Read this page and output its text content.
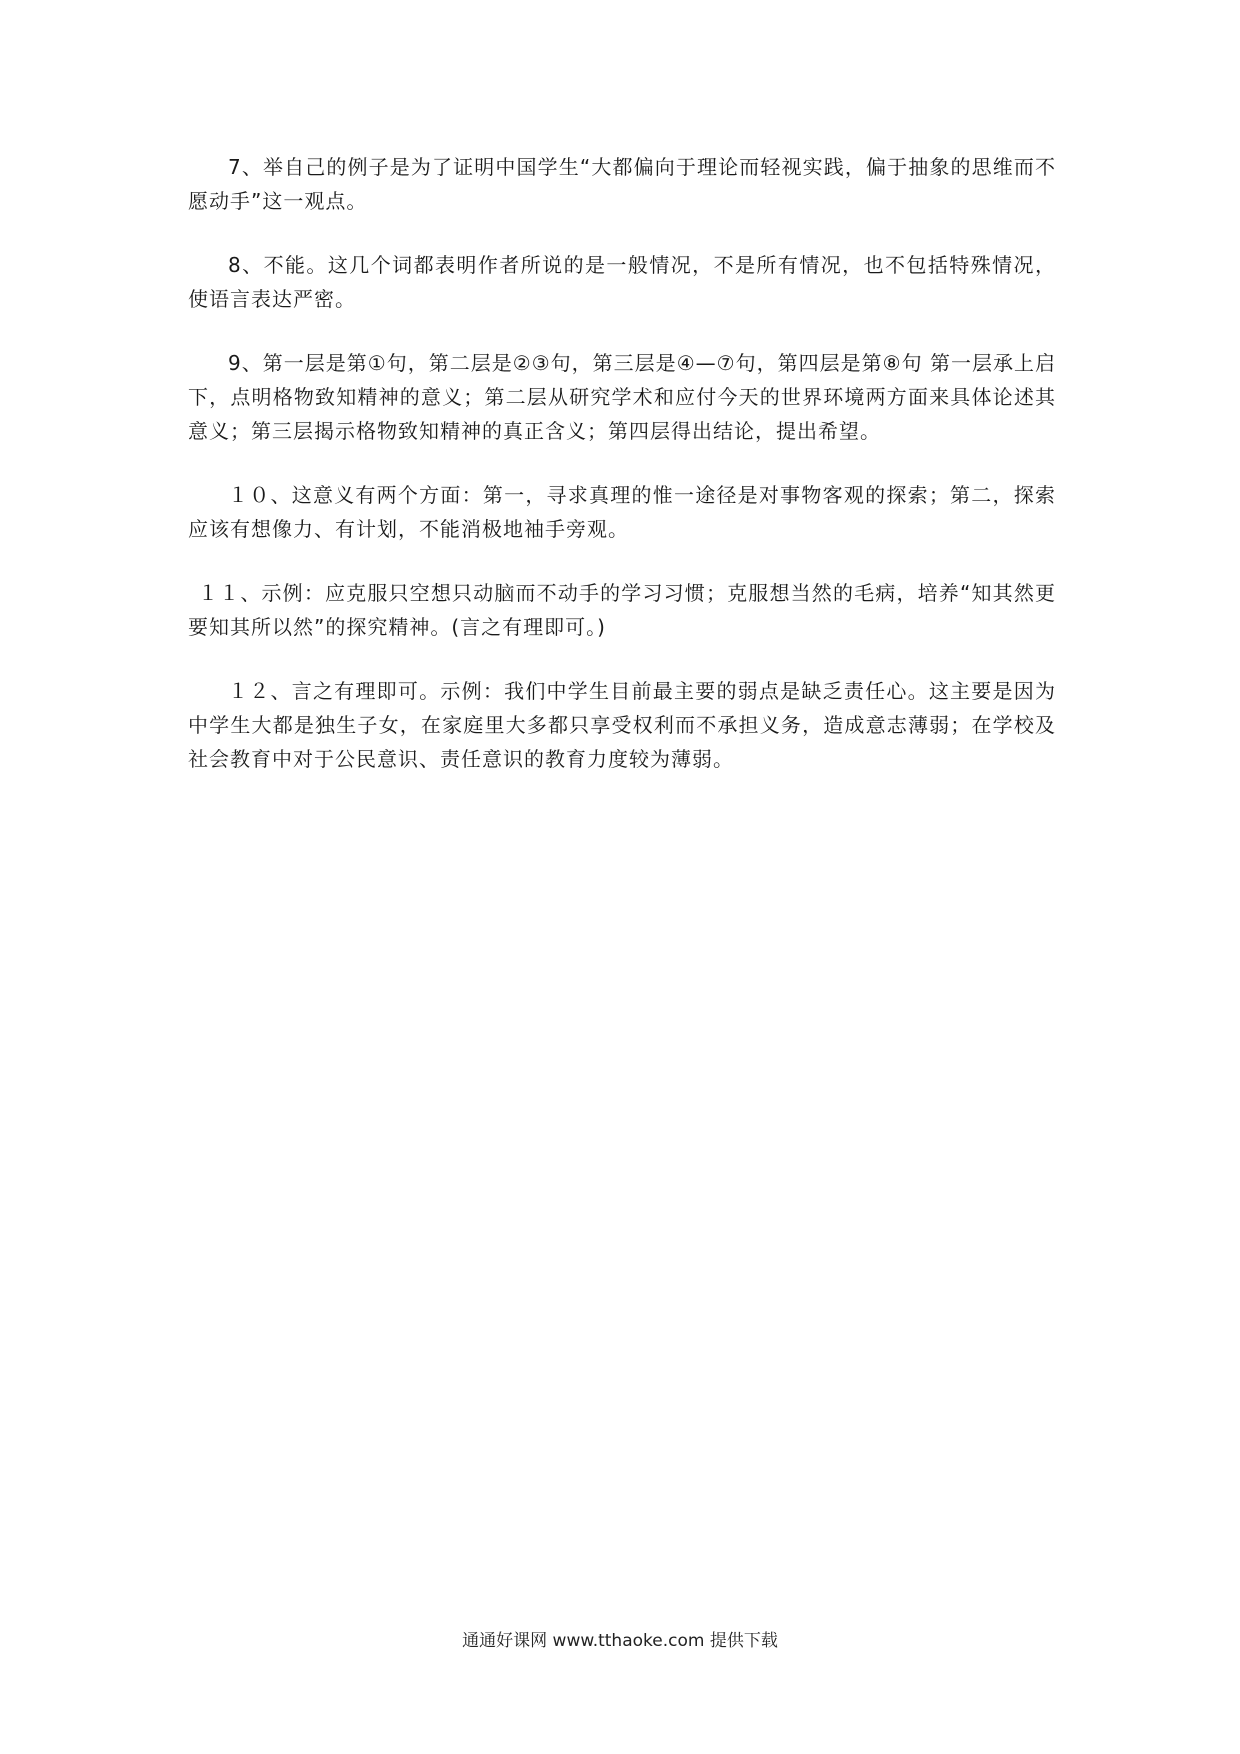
7、举自己的例子是为了证明中国学生“大都偏向于理论而轻视实践，偏于抽象的思维而不愿动手”这一观点。

8、不能。这几个词都表明作者所说的是一般情况，不是所有情况，也不包括特殊情况，使语言表达严密。

9、第一层是第①句，第二层是②③句，第三层是④—⑦句，第四层是第⑧句 第一层承上启下，点明格物致知精神的意义；第二层从研究学术和应付今天的世界环境两方面来具体论述其意义；第三层揭示格物致知精神的真正含义；第四层得出结论，提出希望。

１０、这意义有两个方面：第一，寻求真理的惟一途径是对事物客观的探索；第二，探索应该有想像力、有计划，不能消极地袖手旁观。

１１、示例：应克服只空想只动脑而不动手的学习习惯；克服想当然的毛病，培养“知其然更要知其所以然”的探究精神。(言之有理即可。)

１２、言之有理即可。示例：我们中学生目前最主要的弱点是缺乏责任心。这主要是因为中学生大都是独生子女，在家庭里大多都只享受权利而不承担义务，造成意志薄弱；在学校及社会教育中对于公民意识、责任意识的教育力度较为薄弱。

通通好课网 www.tthaoke.com 提供下载
